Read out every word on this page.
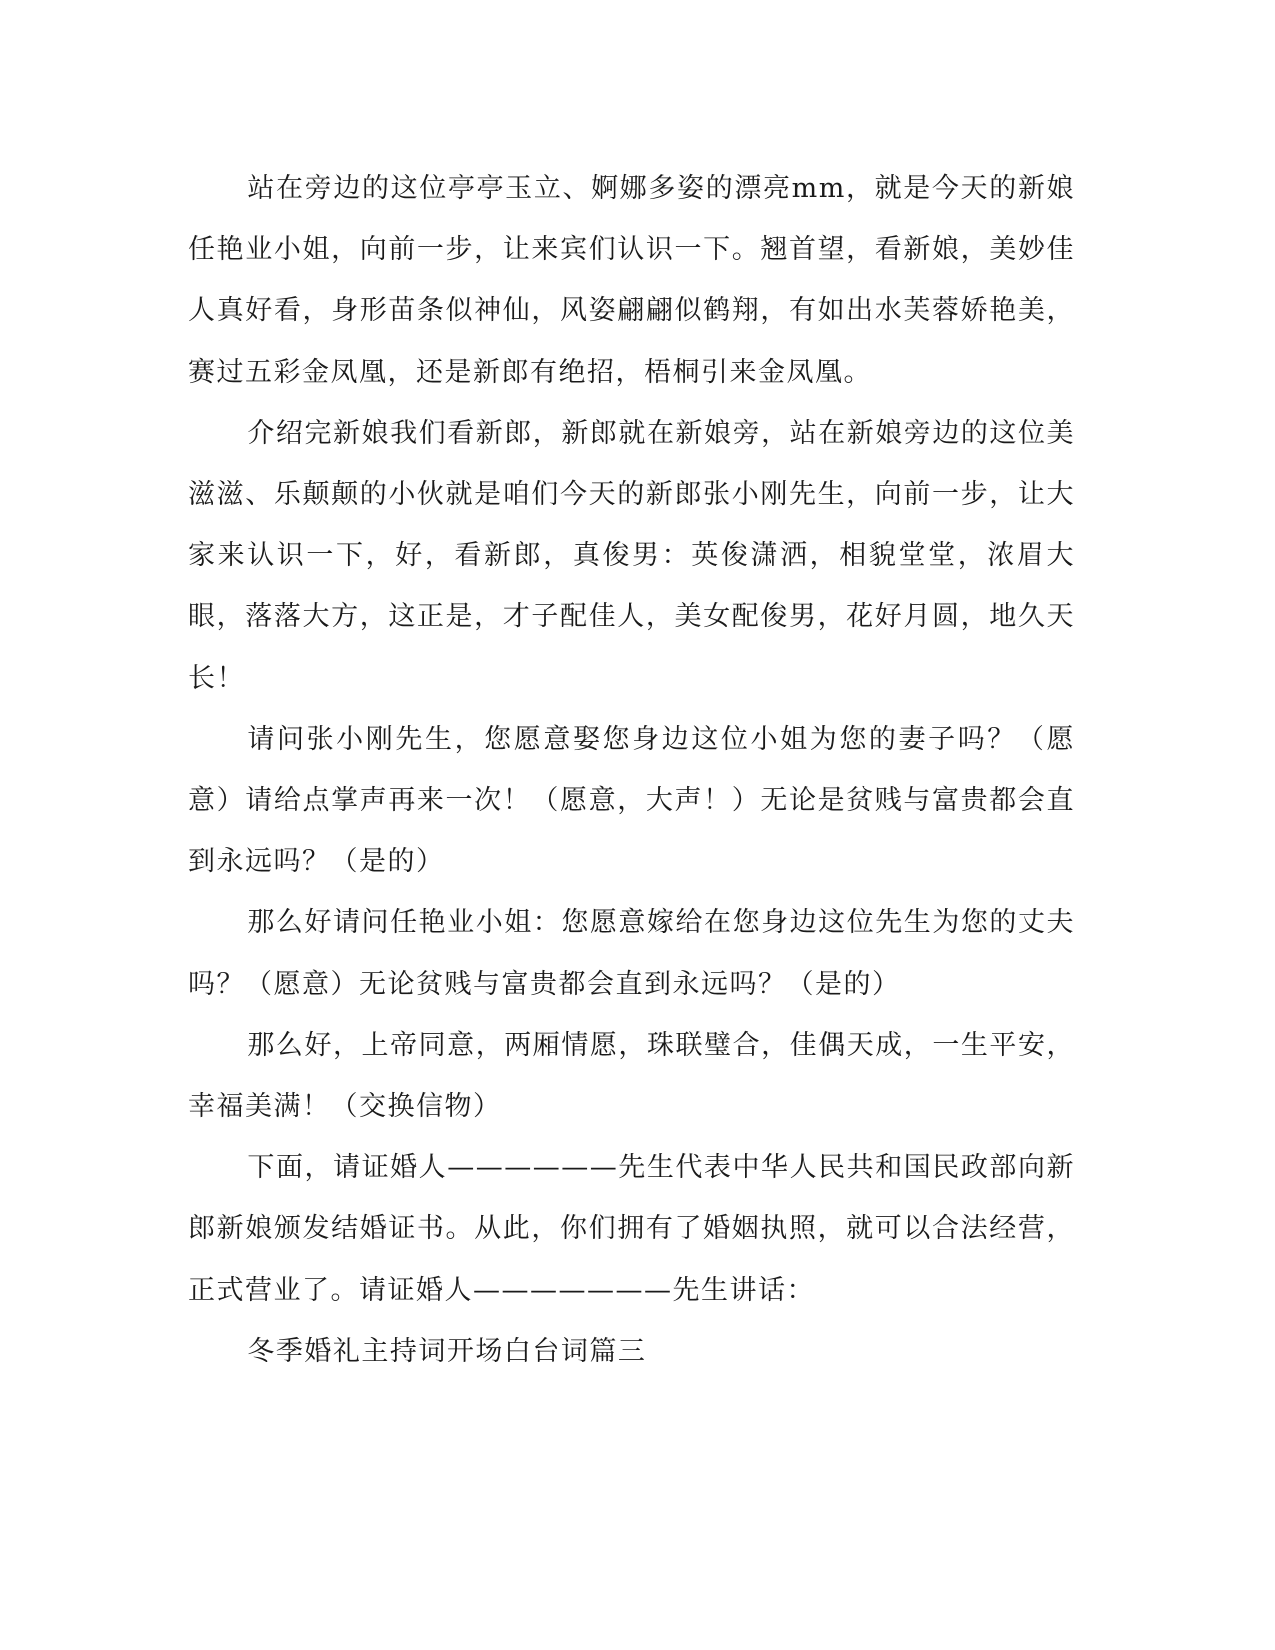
站在旁边的这位亭亭玉立、婀娜多姿的漂亮mm，就是今天的新娘任艳业小姐，向前一步，让来宾们认识一下。翘首望，看新娘，美妙佳人真好看，身形苗条似神仙，风姿翩翩似鹤翔，有如出水芙蓉娇艳美，赛过五彩金凤凰，还是新郎有绝招，梧桐引来金凤凰。

介绍完新娘我们看新郎，新郎就在新娘旁，站在新娘旁边的这位美滋滋、乐颠颠的小伙就是咱们今天的新郎张小刚先生，向前一步，让大家来认识一下，好，看新郎，真俊男：英俊潇洒，相貌堂堂，浓眉大眼，落落大方，这正是，才子配佳人，美女配俊男，花好月圆，地久天长！

请问张小刚先生，您愿意娶您身边这位小姐为您的妻子吗？（愿意）请给点掌声再来一次！（愿意，大声！）无论是贫贱与富贵都会直到永远吗？（是的）

那么好请问任艳业小姐：您愿意嫁给在您身边这位先生为您的丈夫吗？（愿意）无论贫贱与富贵都会直到永远吗？（是的）

那么好，上帝同意，两厢情愿，珠联璧合，佳偶天成，一生平安，幸福美满！（交换信物）

下面，请证婚人——————先生代表中华人民共和国民政部向新郎新娘颁发结婚证书。从此，你们拥有了婚姻执照，就可以合法经营，正式营业了。请证婚人———————先生讲话：

冬季婚礼主持词开场白台词篇三
